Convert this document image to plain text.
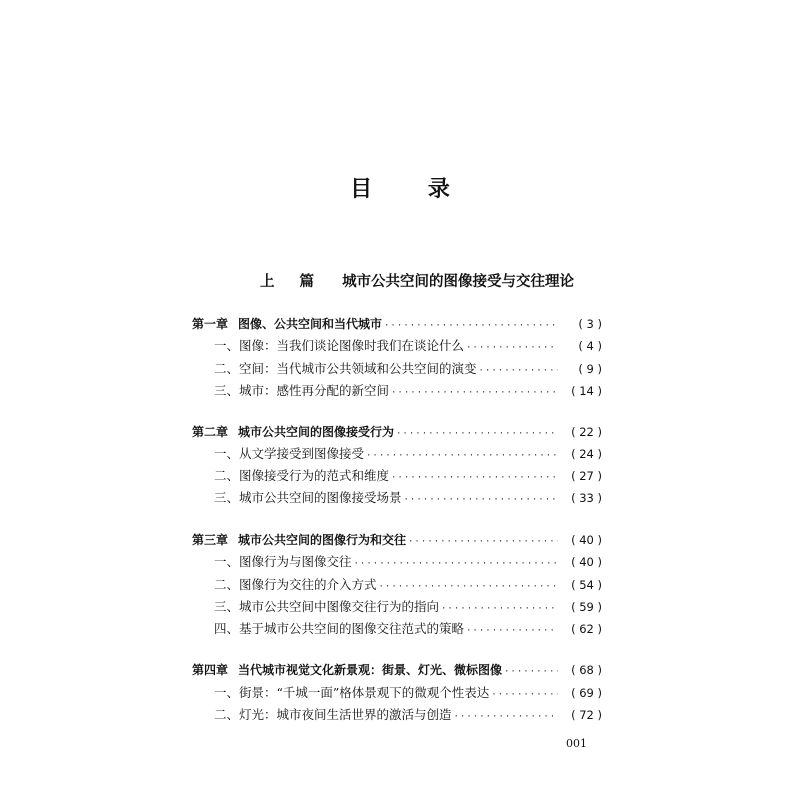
目 录
上 篇 城市公共空间的图像接受与交往理论
第一章 图像、公共空间和当代城市 ·····	( 3 )
一、图像：当我们谈论图像时我们在谈论什么 ·····	( 4 )
二、空间：当代城市公共领域和公共空间的演变 ·····	( 9 )
三、城市：感性再分配的新空间 ·····	( 14 )
第二章 城市公共空间的图像接受行为 ·····	( 22 )
一、从文学接受到图像接受 ·····	( 24 )
二、图像接受行为的范式和维度 ·····	( 27 )
三、城市公共空间的图像接受场景 ·····	( 33 )
第三章 城市公共空间的图像行为和交往 ·····	( 40 )
一、图像行为与图像交往 ·····	( 40 )
二、图像行为交往的介入方式 ·····	( 54 )
三、城市公共空间中图像交往行为的指向 ·····	( 59 )
四、基于城市公共空间的图像交往范式的策略 ·····	( 62 )
第四章 当代城市视觉文化新景观：街景、灯光、微标图像 ·····	( 68 )
一、街景：“千城一面”格体景观下的微观个性表达 ·····	( 69 )
二、灯光：城市夜间生活世界的激活与创造 ·····	( 72 )
001
